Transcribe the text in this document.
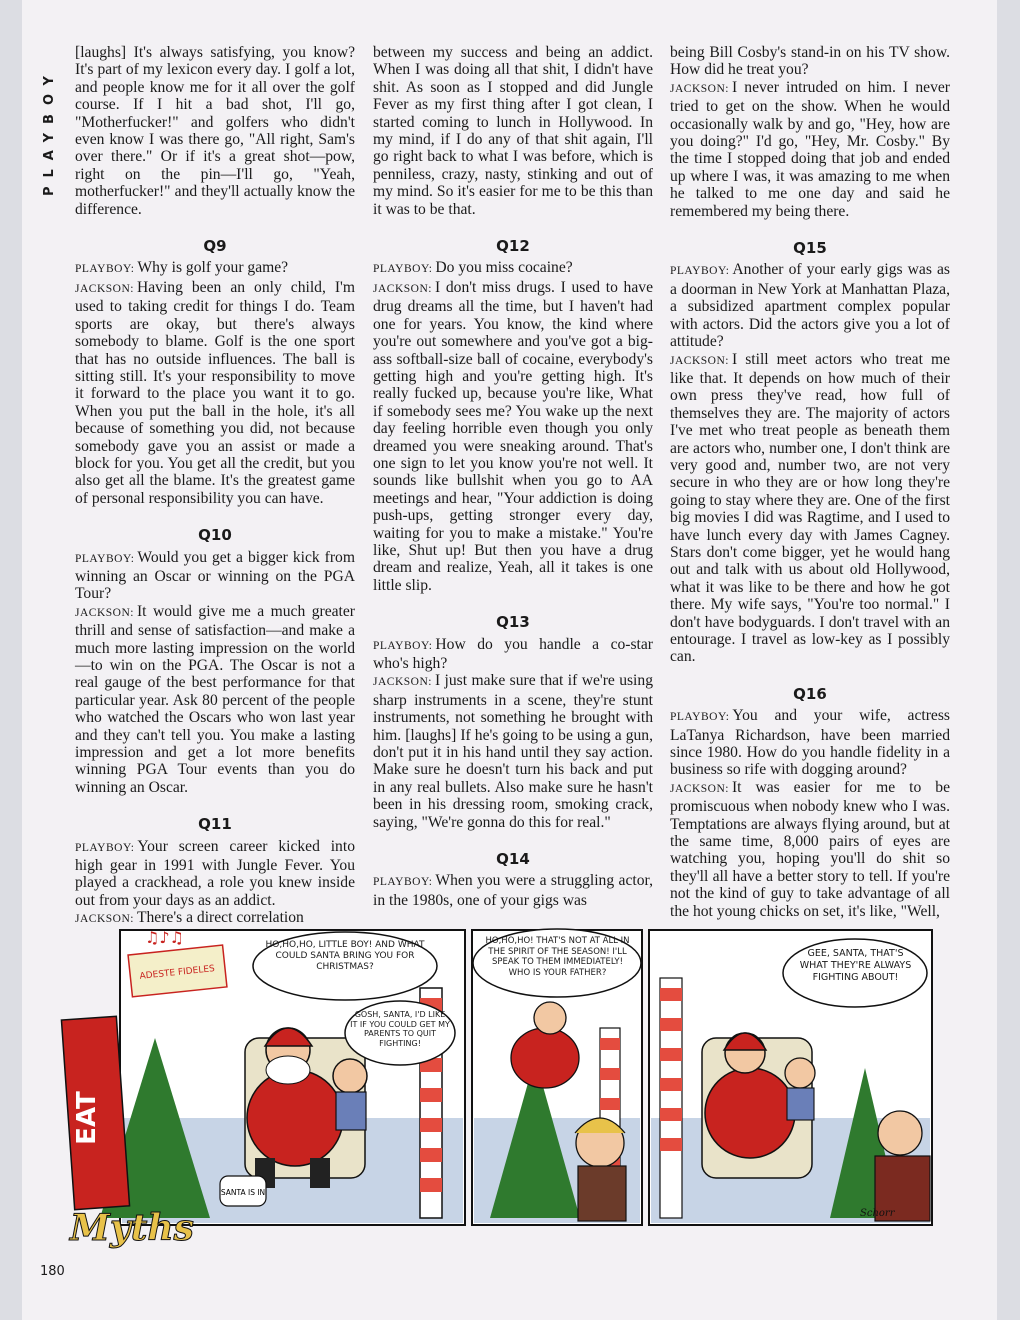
PLAYBOY

[laughs] It's always satisfying, you know? It's part of my lexicon every day. I golf a lot, and people know me for it all over the golf course. If I hit a bad shot, I'll go, "Motherfucker!" and golfers who didn't even know I was there go, "All right, Sam's over there." Or if it's a great shot—pow, right on the pin—I'll go, "Yeah, motherfucker!" and they'll actually know the difference.

Q9

PLAYBOY: Why is golf your game?

JACKSON: Having been an only child, I'm used to taking credit for things I do. Team sports are okay, but there's always somebody to blame. Golf is the one sport that has no outside influences. The ball is sitting still. It's your responsibility to move it forward to the place you want it to go. When you put the ball in the hole, it's all because of something you did, not because somebody gave you an assist or made a block for you. You get all the credit, but you also get all the blame. It's the greatest game of personal responsibility you can have.

Q10

PLAYBOY: Would you get a bigger kick from winning an Oscar or winning on the PGA Tour?

JACKSON: It would give me a much greater thrill and sense of satisfaction—and make a much more lasting impression on the world—to win on the PGA. The Oscar is not a real gauge of the best performance for that particular year. Ask 80 percent of the people who watched the Oscars who won last year and they can't tell you. You make a lasting impression and get a lot more benefits winning PGA Tour events than you do winning an Oscar.

Q11

PLAYBOY: Your screen career kicked into high gear in 1991 with Jungle Fever. You played a crackhead, a role you knew inside out from your days as an addict.

JACKSON: There's a direct correlation

between my success and being an addict. When I was doing all that shit, I didn't have shit. As soon as I stopped and did Jungle Fever as my first thing after I got clean, I started coming to lunch in Hollywood. In my mind, if I do any of that shit again, I'll go right back to what I was before, which is penniless, crazy, nasty, stinking and out of my mind. So it's easier for me to be this than it was to be that.

Q12

PLAYBOY: Do you miss cocaine?

JACKSON: I don't miss drugs. I used to have drug dreams all the time, but I haven't had one for years. You know, the kind where you're out somewhere and you've got a big-ass softball-size ball of cocaine, everybody's getting high and you're getting high. It's really fucked up, because you're like, What if somebody sees me? You wake up the next day feeling horrible even though you only dreamed you were sneaking around. That's one sign to let you know you're not well. It sounds like bullshit when you go to AA meetings and hear, "Your addiction is doing push-ups, getting stronger every day, waiting for you to make a mistake." You're like, Shut up! But then you have a drug dream and realize, Yeah, all it takes is one little slip.

Q13

PLAYBOY: How do you handle a co-star who's high?

JACKSON: I just make sure that if we're using sharp instruments in a scene, they're stunt instruments, not something he brought with him. [laughs] If he's going to be using a gun, don't put it in his hand until they say action. Make sure he doesn't turn his back and put in any real bullets. Also make sure he hasn't been in his dressing room, smoking crack, saying, "We're gonna do this for real."

Q14

PLAYBOY: When you were a struggling actor, in the 1980s, one of your gigs was

being Bill Cosby's stand-in on his TV show. How did he treat you?

JACKSON: I never intruded on him. I never tried to get on the show. When he would occasionally walk by and go, "Hey, how are you doing?" I'd go, "Hey, Mr. Cosby." By the time I stopped doing that job and ended up where I was, it was amazing to me when he talked to me one day and said he remembered my being there.

Q15

PLAYBOY: Another of your early gigs was as a doorman in New York at Manhattan Plaza, a subsidized apartment complex popular with actors. Did the actors give you a lot of attitude?

JACKSON: I still meet actors who treat me like that. It depends on how much of their own press they've read, how full of themselves they are. The majority of actors I've met who treat people as beneath them are actors who, number one, I don't think are very good and, number two, are not very secure in who they are or how long they're going to stay where they are. One of the first big movies I did was Ragtime, and I used to have lunch every day with James Cagney. Stars don't come bigger, yet he would hang out and talk with us about old Hollywood, what it was like to be there and how he got there. My wife says, "You're too normal." I don't have bodyguards. I don't travel with an entourage. I travel as low-key as I possibly can.

Q16

PLAYBOY: You and your wife, actress LaTanya Richardson, have been married since 1980. How do you handle fidelity in a business so rife with dogging around?

JACKSON: It was easier for me to be promiscuous when nobody knew who I was. Temptations are always flying around, but at the same time, 8,000 pairs of eyes are watching you, hoping you'll do shit so they'll all have a better story to tell. If you're not the kind of guy to take advantage of all the hot young chicks on set, it's like, "Well,

ADESTE FIDELES
HO,HO,HO, LITTLE BOY! AND WHAT COULD SANTA BRING YOU FOR CHRISTMAS?
GOSH, SANTA, I'D LIKE IT IF YOU COULD GET MY PARENTS TO QUIT FIGHTING!
SANTA IS IN
HO,HO,HO! THAT'S NOT AT ALL IN THE SPIRIT OF THE SEASON! I'LL SPEAK TO THEM IMMEDIATELY! WHO IS YOUR FATHER?
GEE, SANTA, THAT'S WHAT THEY'RE ALWAYS FIGHTING ABOUT!
Schorr
EAT
Myths
♫♪♫
180
